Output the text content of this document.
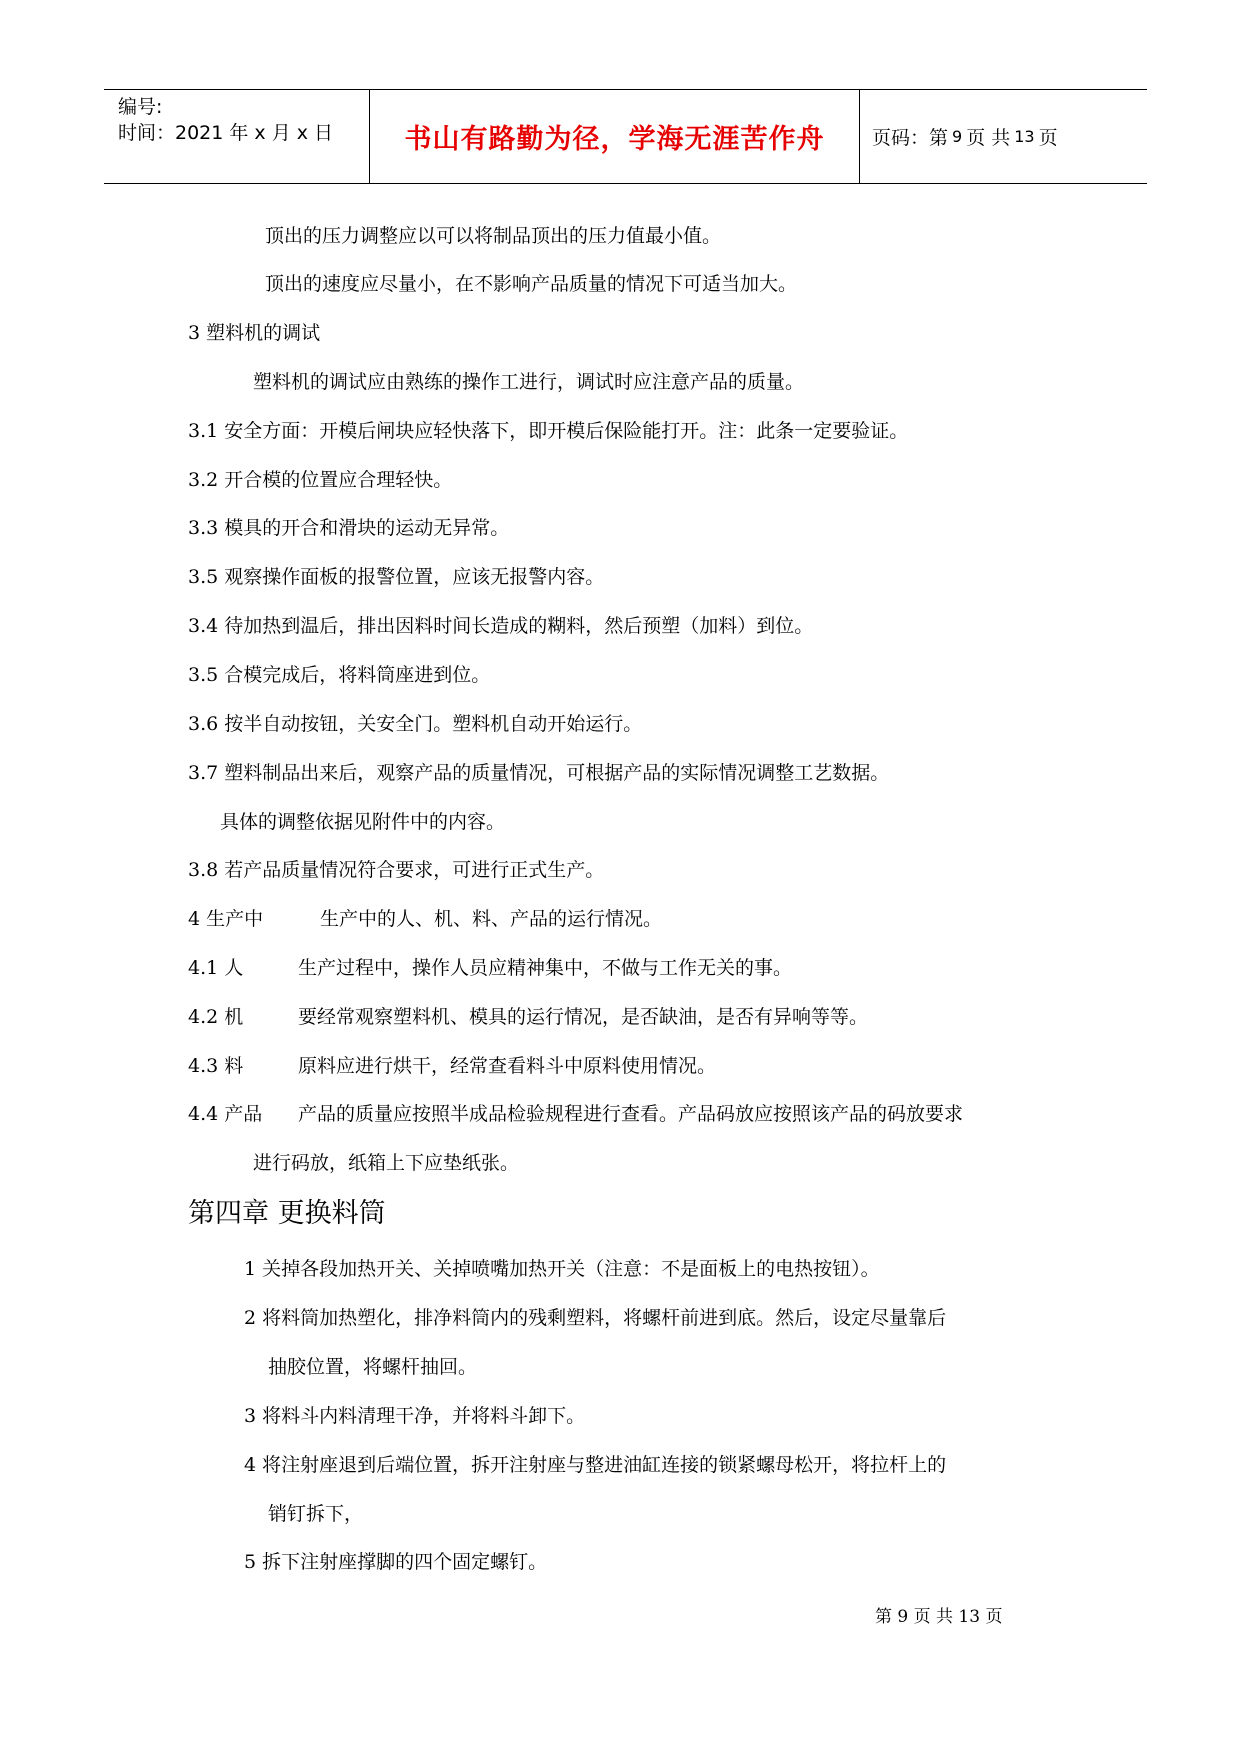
编号:
时间：2021 年 x 月 x 日	书山有路勤为径，学海无涯苦作舟	页码：第 9 页 共 13 页
顶出的压力调整应以可以将制品顶出的压力值最小值。
顶出的速度应尽量小，在不影响产品质量的情况下可适当加大。
3 塑料机的调试
塑料机的调试应由熟练的操作工进行，调试时应注意产品的质量。
3.1 安全方面：开模后闸块应轻快落下，即开模后保险能打开。注：此条一定要验证。
3.2 开合模的位置应合理轻快。
3.3 模具的开合和滑块的运动无异常。
3.5 观察操作面板的报警位置，应该无报警内容。
3.4 待加热到温后，排出因料时间长造成的糊料，然后预塑（加料）到位。
3.5 合模完成后，将料筒座进到位。
3.6 按半自动按钮，关安全门。塑料机自动开始运行。
3.7 塑料制品出来后，观察产品的质量情况，可根据产品的实际情况调整工艺数据。
具体的调整依据见附件中的内容。
3.8 若产品质量情况符合要求，可进行正式生产。
4 生产中	生产中的人、机、料、产品的运行情况。
4.1 人	生产过程中，操作人员应精神集中，不做与工作无关的事。
4.2 机	要经常观察塑料机、模具的运行情况，是否缺油，是否有异响等等。
4.3 料	原料应进行烘干，经常查看料斗中原料使用情况。
4.4 产品 产品的质量应按照半成品检验规程进行查看。产品码放应按照该产品的码放要求
进行码放，纸箱上下应垫纸张。
第四章 更换料筒
1 关掉各段加热开关、关掉喷嘴加热开关（注意：不是面板上的电热按钮）。
2 将料筒加热塑化，排净料筒内的残剩塑料，将螺杆前进到底。然后，设定尽量靠后
抽胶位置，将螺杆抽回。
3 将料斗内料清理干净，并将料斗卸下。
4 将注射座退到后端位置，拆开注射座与整进油缸连接的锁紧螺母松开，将拉杆上的
销钉拆下，
5 拆下注射座撑脚的四个固定螺钉。
第 9 页 共 13 页
